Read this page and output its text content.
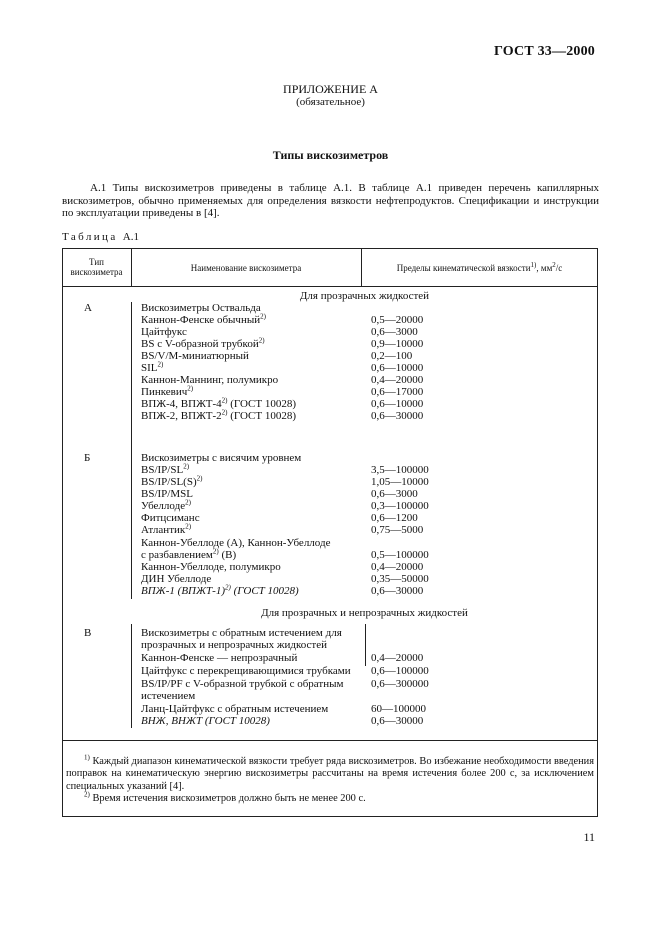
ГОСТ 33—2000
ПРИЛОЖЕНИЕ А
(обязательное)
Типы вискозиметров

А.1 Типы вискозиметров приведены в таблице А.1. В таблице А.1 приведен перечень капиллярных вискозиметров, обычно применяемых для определения вязкости нефтепродуктов. Спецификации и инструкции по эксплуатации приведены в [4].

Таблица А.1
Тип
вискозиметра	Наименование вискозиметра	Пределы кинематической вязкости$^{1)}$, $мм^2/с$
Для прозрачных жидкостей
А	Вискозиметры Оствальда
Каннон-Фенске обычный$^{2)}$	0,5—20000
Цайтфукс	0,6—3000
BS с V-образной трубкой$^{2)}$	0,9—10000
BS/V/M-миниатюрный	0,2—100
SIL$^{2)}$	0,6—10000
Каннон-Маннинг, полумикро	0,4—20000
Пинкевич$^{2)}$	0,6—17000
ВПЖ-4, ВПЖТ-4$^{2)}$ (ГОСТ 10028)	0,6—10000
ВПЖ-2, ВПЖТ-2$^{2)}$ (ГОСТ 10028)	0,6—30000
Б	Вискозиметры с висячим уровнем
BS/IP/SL$^{2)}$	3,5—100000
$BS/IP/SL(S)^{2)}$	1,05—10000
BS/IP/MSL	0,6—3000
Убеллоде$^{2)}$	0,3—100000
Фитцсиманс	0,6—1200
Атлантик$^{2)}$	0,75—5000
Каннон-Убеллоде (А), Каннон-Убеллоде
с разбавлением$^{2)}$ (В)	0,5—100000
Каннон-Убеллоде, полумикро	0,4—20000
ДИН Убеллоде	0,35—50000
ВПЖ-1 (ВПЖТ-1)$^{2)}$ (ГОСТ 10028)	0,6—30000
Для прозрачных и непрозрачных жидкостей
В	Вискозиметры с обратным истечением для
прозрачных и непрозрачных жидкостей
Каннон-Фенске — непрозрачный	0,4—20000
Цайтфукс с перекрещивающимися трубками 0,6—100000
BS/IP/PF с V-образной трубкой с обратным	0,6—300000
истечением
Ланц-Цайтфукс с обратным истечением	60—100000
ВНЖ, ВНЖТ (ГОСТ 10028)	0,6—30000

$^{1)}$ Каждый диапазон кинематической вязкости требует ряда вискозиметров. Во избежание необходимости введения поправок на кинематическую энергию вискозиметры рассчитаны на время истечения более 200 с, за исключением специальных указаний [4].

$^{2)}$ Время истечения вискозиметров должно быть не менее 200 с.

11
